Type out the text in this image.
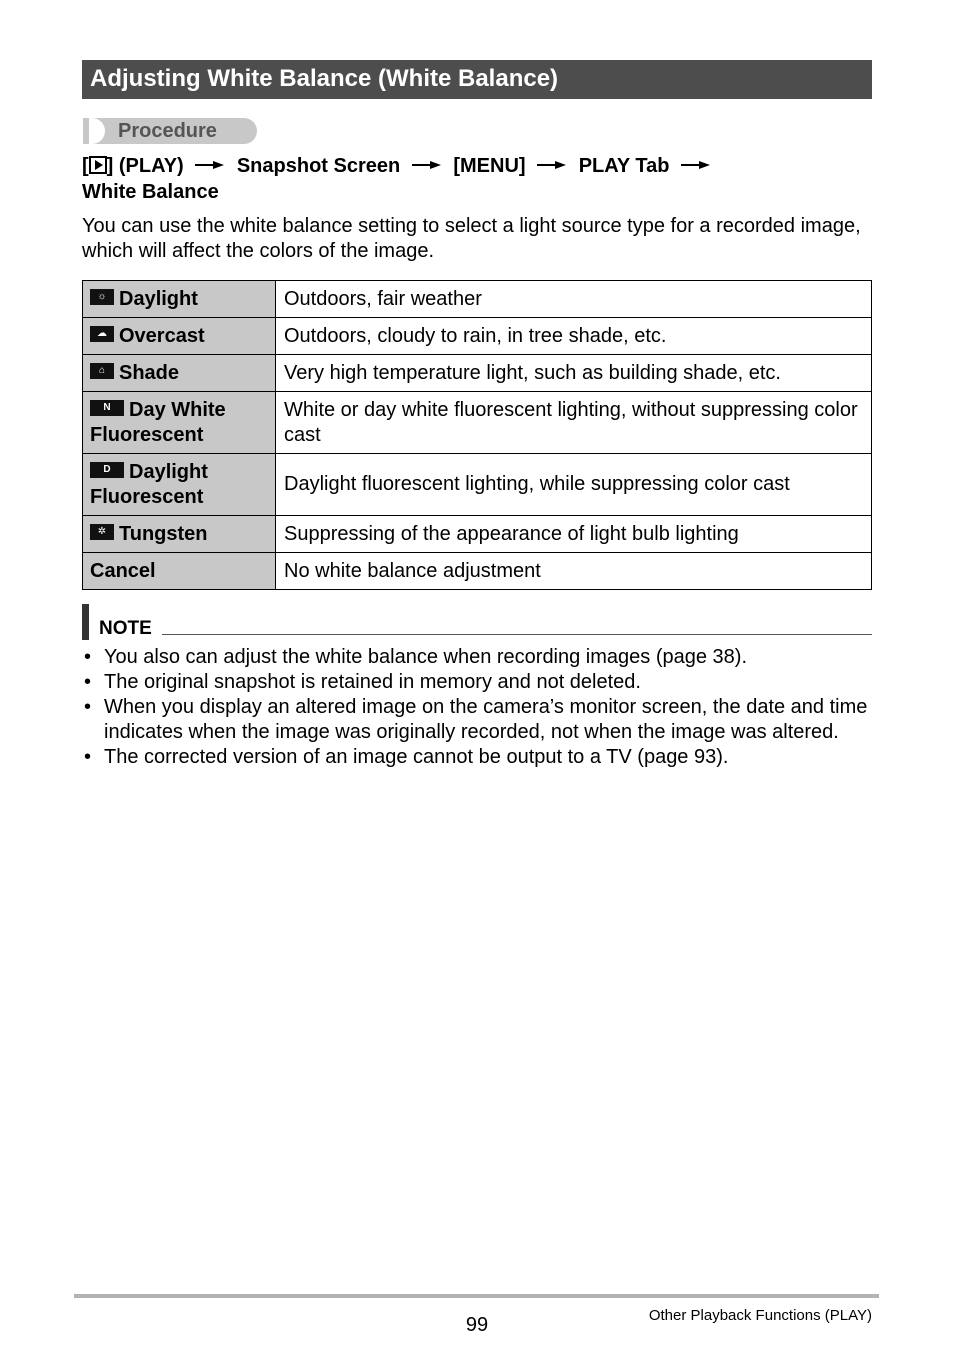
Adjusting White Balance (White Balance)
Procedure
[ ] (PLAY)	Snapshot Screen	[MENU]	PLAY Tab
White Balance

You can use the white balance setting to select a light source type for a recorded image, which will affect the colors of the image.

☼ Daylight	Outdoors, fair weather
☁ Overcast	Outdoors, cloudy to rain, in tree shade, etc.
⌂ Shade	Very high temperature light, such as building shade, etc.
N Day White
Fluorescent	White or day white fluorescent lighting, without suppressing color cast
D Daylight
Fluorescent	Daylight fluorescent lighting, while suppressing color cast
✲ Tungsten	Suppressing of the appearance of light bulb lighting
Cancel	No white balance adjustment
NOTE
• You also can adjust the white balance when recording images (page 38).
• The original snapshot is retained in memory and not deleted.
• When you display an altered image on the camera’s monitor screen, the date and time indicates when the image was originally recorded, not when the image was altered.
• The corrected version of an image cannot be output to a TV (page 93).
99	Other Playback Functions (PLAY)
